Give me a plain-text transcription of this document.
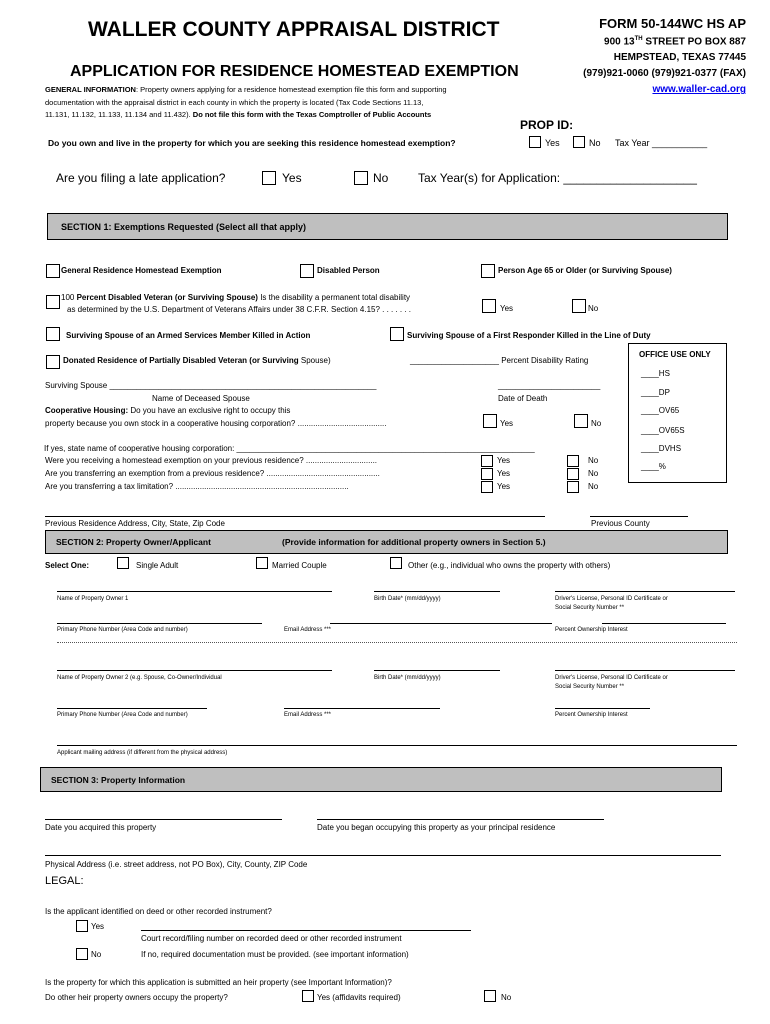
WALLER COUNTY APPRAISAL DISTRICT
APPLICATION FOR RESIDENCE HOMESTEAD EXEMPTION
FORM 50-144WC HS AP
900 13TH STREET PO BOX 887
HEMPSTEAD, TEXAS 77445
(979)921-0060 (979)921-0377 (FAX)
www.waller-cad.org
GENERAL INFORMATION: Property owners applying for a residence homestead exemption file this form and supporting
documentation with the appraisal district in each county in which the property is located (Tax Code Sections 11.13,
11.131, 11.132, 11.133, 11.134 and 11.432). Do not file this form with the Texas Comptroller of Public Accounts
PROP ID:
Do you own and live in the property for which you are seeking this residence homestead exemption?	Yes	No Tax Year ___________
Are you filing a late application?	Yes	No Tax Year(s) for Application: ____________________
SECTION 1: Exemptions Requested (Select all that apply)
General Residence Homestead Exemption	Disabled Person	Person Age 65 or Older (or Surviving Spouse)
100 Percent Disabled Veteran (or Surviving Spouse) Is the disability a permanent total disability
as determined by the U.S. Department of Veterans Affairs under 38 C.F.R. Section 4.15? . . . . . . .	Yes	No
Surviving Spouse of an Armed Services Member Killed in Action	Surviving Spouse of a First Responder Killed in the Line of Duty
Donated Residence of Partially Disabled Veteran (or Surviving Spouse)	____________________ Percent Disability Rating
OFFICE USE ONLY
____HS
____DP
____OV65
____OV65S
____DVHS
____%
Surviving Spouse ____________________________________________________________
Name of Deceased Spouse
_______________________
Date of Death
Cooperative Housing: Do you have an exclusive right to occupy this
property because you own stock in a cooperative housing corporation? ........................................	Yes	No
If yes, state name of cooperative housing corporation: ___________________________________________________________________
Were you receiving a homestead exemption on your previous residence? ................................	Yes	No
Are you transferring an exemption from a previous residence? ...................................................	Yes	No
Are you transferring a tax limitation? ..............................................................................	Yes	No
Previous Residence Address, City, State, Zip Code	Previous County
SECTION 2: Property Owner/Applicant	(Provide information for additional property owners in Section 5.)
Select One:	Single Adult	Married Couple	Other (e.g., individual who owns the property with others)
Name of Property Owner 1	Birth Date* (mm/dd/yyyy)	Driver's License, Personal ID Certificate or
Social Security Number **
Primary Phone Number (Area Code and number)	Email Address ***	Percent Ownership Interest
Name of Property Owner 2 (e.g. Spouse, Co-Owner/Individual	Birth Date* (mm/dd/yyyy)	Driver's License, Personal ID Certificate or
Social Security Number **
Primary Phone Number (Area Code and number)	Email Address ***	Percent Ownership Interest
Applicant mailing address (if different from the physical address)
SECTION 3: Property Information
Date you acquired this property	Date you began occupying this property as your principal residence
Physical Address (i.e. street address, not PO Box), City, County, ZIP Code
LEGAL:
Is the applicant identified on deed or other recorded instrument?
Yes
Court record/filing number on recorded deed or other recorded instrument
No	If no, required documentation must be provided. (see important information)
Is the property for which this application is submitted an heir property (see Important Information)?
Do other heir property owners occupy the property?	Yes (affidavits required)	No
